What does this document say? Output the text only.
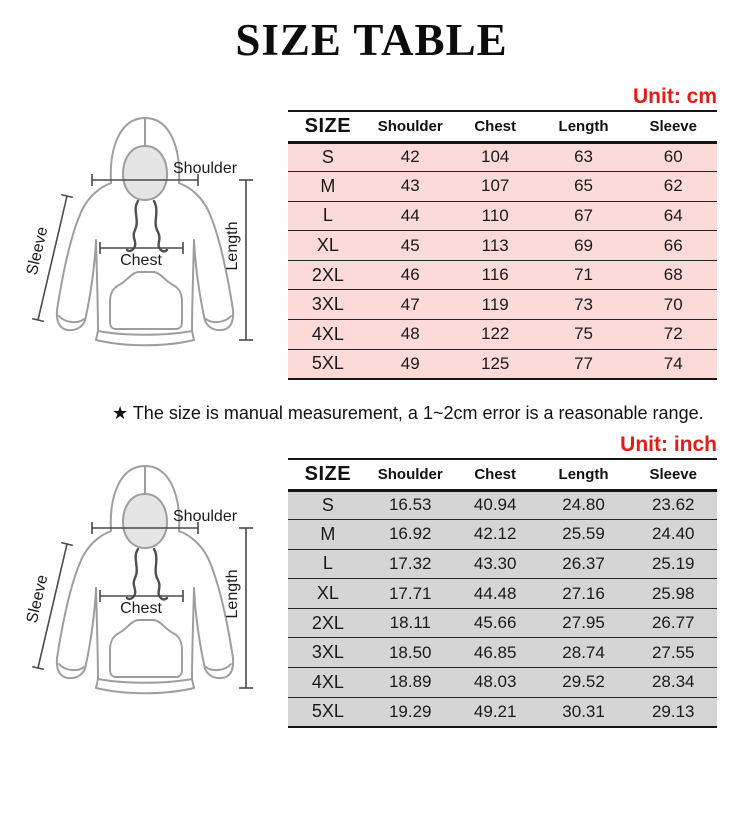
SIZE TABLE
Shoulder
Sleeve	Chest	Length
Unit: cm
SIZE	Shoulder	Chest	Length	Sleeve
S	42	104	63	60
M	43	107	65	62
L	44	110	67	64
XL	45	113	69	66
2XL	46	116	71	68
3XL	47	119	73	70
4XL	48	122	75	72
5XL	49	125	77	74

★ The size is manual measurement, a 1~2cm error is a reasonable range.

Shoulder
Sleeve	Chest	Length
Unit: inch
SIZE	Shoulder	Chest	Length	Sleeve
S	16.53	40.94	24.80	23.62
M	16.92	42.12	25.59	24.40
L	17.32	43.30	26.37	25.19
XL	17.71	44.48	27.16	25.98
2XL	18.11	45.66	27.95	26.77
3XL	18.50	46.85	28.74	27.55
4XL	18.89	48.03	29.52	28.34
5XL	19.29	49.21	30.31	29.13
